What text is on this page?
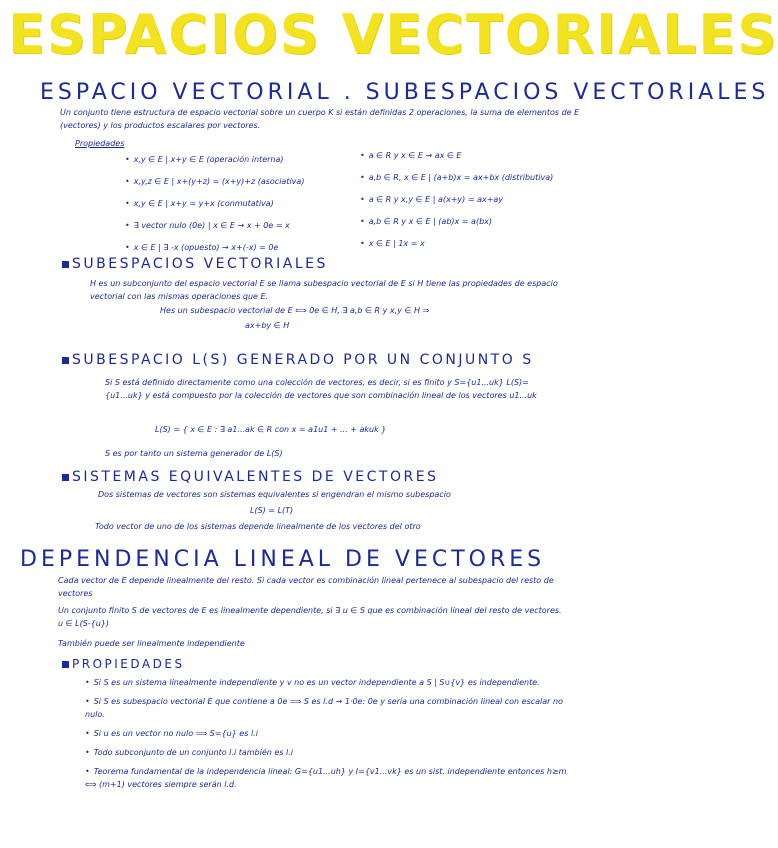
ESPACIOS VECTORIALES
ESPACIO VECTORIAL . SUBESPACIOS VECTORIALES
Un conjunto tiene estructura de espacio vectorial sobre un cuerpo K si están definidas 2 operaciones, la suma de elementos de E (vectores) y los productos escalares por vectores.
Propiedades
• x,y ∈ E | x+y ∈ E (operación interna)
• x,y,z ∈ E | x+(y+z) = (x+y)+z (asociativa)
• x,y ∈ E | x+y = y+x (conmutativa)
• ∃ vector nulo (0e) | x ∈ E → x + 0e = x
• x ∈ E | ∃ -x (opuesto) → x+(-x) = 0e
• a ∈ R y x ∈ E → ax ∈ E
• a,b ∈ R, x ∈ E | (a+b)x = ax+bx (distributiva)
• a ∈ R y x,y ∈ E | a(x+y) = ax+ay
• a,b ∈ R y x ∈ E | (ab)x = a(bx)
• x ∈ E | 1x = x
SUBESPACIOS VECTORIALES
H es un subconjunto del espacio vectorial E se llama subespacio vectorial de E si H tiene las propiedades de espacio vectorial con las mismas operaciones que E.
Hes un subespacio vectorial de E ⟺ 0e ∈ H, ∃ a,b ∈ R y x,y ∈ H ⇒
ax+by ∈ H
SUBESPACIO L(S) GENERADO POR UN CONJUNTO S
Si S está definido directamente como una colección de vectores, es decir, si es finito y S={u1...uk} L(S)={u1...uk} y está compuesto por la colección de vectores que son combinación lineal de los vectores u1...uk
L(S) = { x ∈ E : ∃ a1...ak ∈ R con x = a1u1 + ... + akuk }
S es por tanto un sistema generador de L(S)
SISTEMAS EQUIVALENTES DE VECTORES
Dos sistemas de vectores son sistemas equivalentes si engendran el mismo subespacio
L(S) = L(T)
Todo vector de uno de los sistemas depende linealmente de los vectores del otro
DEPENDENCIA LINEAL DE VECTORES
Cada vector de E depende linealmente del resto. Si cada vector es combinación lineal pertenece al subespacio del resto de vectores
Un conjunto finito S de vectores de E es linealmente dependiente, si ∃ u ∈ S que es combinación lineal del resto de vectores. u ∈ L(S-{u})
También puede ser linealmente independiente
PROPIEDADES
• Si S es un sistema linealmente independiente y v no es un vector independiente a S | S∪{v} es independiente.
• Si S es subespacio vectorial E que contiene a 0e ⟹ S es l.d → 1·0e: 0e y sería una combinación lineal con escalar no nulo.
• Si u es un vector no nulo ⟹ S={u} es l.i
• Todo subconjunto de un conjunto l.i también es l.i
• Teorema fundamental de la independencia lineal: G={u1...uh} y I={v1...vk} es un sist. independiente entonces h≥m ⟺ (m+1) vectores siempre serán l.d.
